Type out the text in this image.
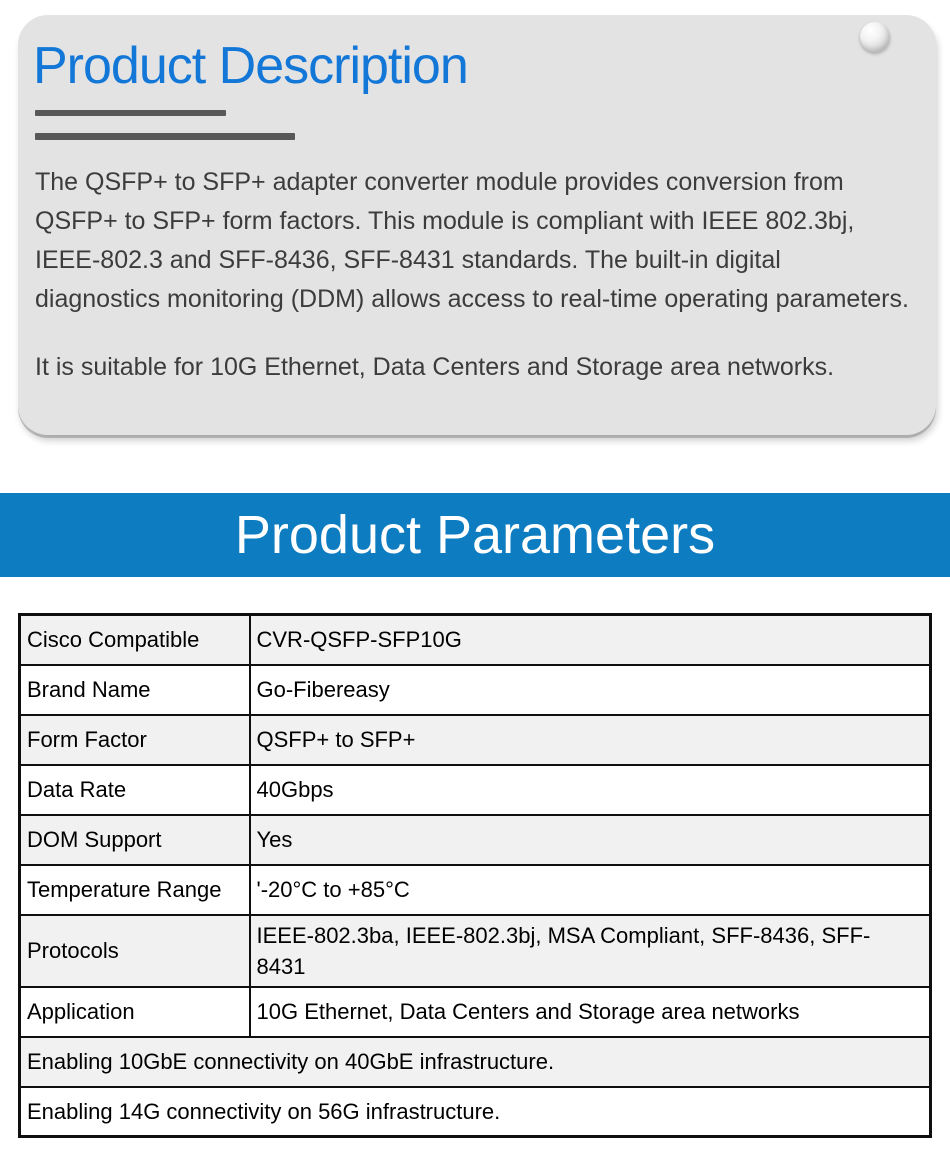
Product Description

The QSFP+ to SFP+ adapter converter module provides conversion from QSFP+ to SFP+ form factors. This module is compliant with IEEE 802.3bj, IEEE-802.3 and SFF-8436, SFF-8431 standards. The built-in digital diagnostics monitoring (DDM) allows access to real-time operating parameters.

It is suitable for 10G Ethernet, Data Centers and Storage area networks.

Product Parameters
Cisco Compatible	CVR-QSFP-SFP10G
Brand Name	Go-Fibereasy
Form Factor	QSFP+ to SFP+
Data Rate	40Gbps
DOM Support	Yes
Temperature Range	'-20°C to +85°C
Protocols	IEEE-802.3ba, IEEE-802.3bj, MSA Compliant, SFF-8436, SFF-8431
Application	10G Ethernet, Data Centers and Storage area networks
Enabling 10GbE connectivity on 40GbE infrastructure.	
Enabling 14G connectivity on 56G infrastructure.	
